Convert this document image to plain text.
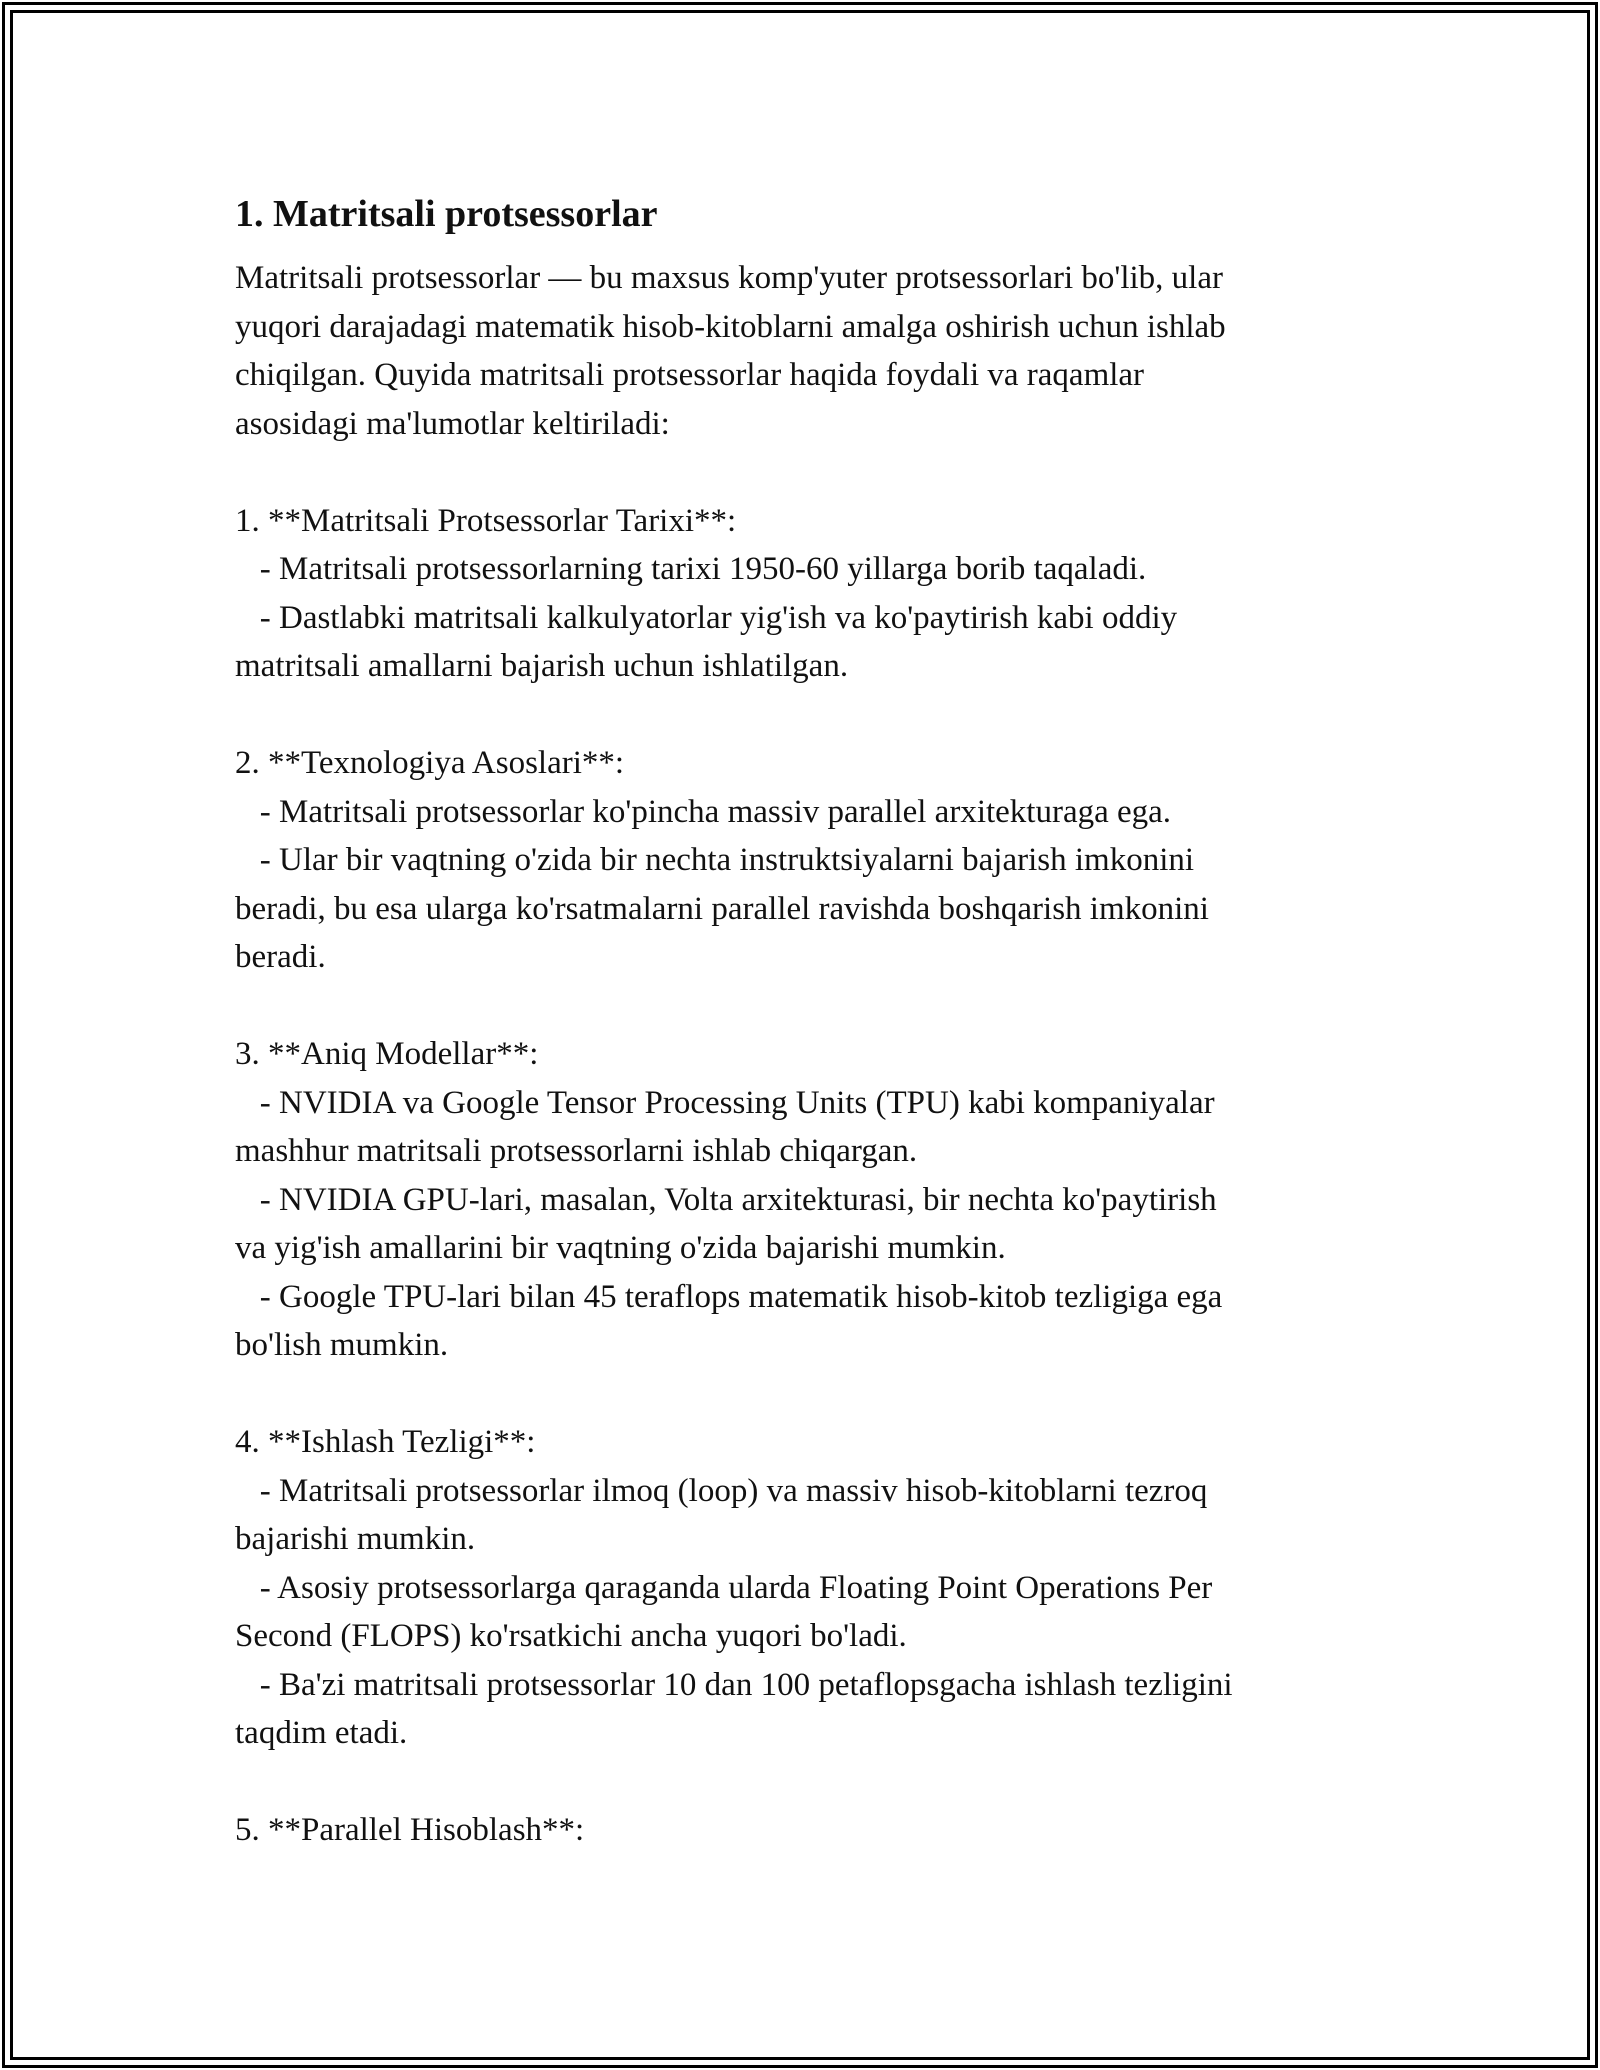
1. Matritsali protsessorlar
Matritsali protsessorlar — bu maxsus komp'yuter protsessorlari bo'lib, ular
yuqori darajadagi matematik hisob-kitoblarni amalga oshirish uchun ishlab
chiqilgan. Quyida matritsali protsessorlar haqida foydali va raqamlar
asosidagi ma'lumotlar keltiriladi:
1. **Matritsali Protsessorlar Tarixi**:
- Matritsali protsessorlarning tarixi 1950-60 yillarga borib taqaladi.
- Dastlabki matritsali kalkulyatorlar yig'ish va ko'paytirish kabi oddiy
matritsali amallarni bajarish uchun ishlatilgan.
2. **Texnologiya Asoslari**:
- Matritsali protsessorlar ko'pincha massiv parallel arxitekturaga ega.
- Ular bir vaqtning o'zida bir nechta instruktsiyalarni bajarish imkonini
beradi, bu esa ularga ko'rsatmalarni parallel ravishda boshqarish imkonini
beradi.
3. **Aniq Modellar**:
- NVIDIA va Google Tensor Processing Units (TPU) kabi kompaniyalar
mashhur matritsali protsessorlarni ishlab chiqargan.
- NVIDIA GPU-lari, masalan, Volta arxitekturasi, bir nechta ko'paytirish
va yig'ish amallarini bir vaqtning o'zida bajarishi mumkin.
- Google TPU-lari bilan 45 teraflops matematik hisob-kitob tezligiga ega
bo'lish mumkin.
4. **Ishlash Tezligi**:
- Matritsali protsessorlar ilmoq (loop) va massiv hisob-kitoblarni tezroq
bajarishi mumkin.
- Asosiy protsessorlarga qaraganda ularda Floating Point Operations Per
Second (FLOPS) ko'rsatkichi ancha yuqori bo'ladi.
- Ba'zi matritsali protsessorlar 10 dan 100 petaflopsgacha ishlash tezligini
taqdim etadi.
5. **Parallel Hisoblash**:
